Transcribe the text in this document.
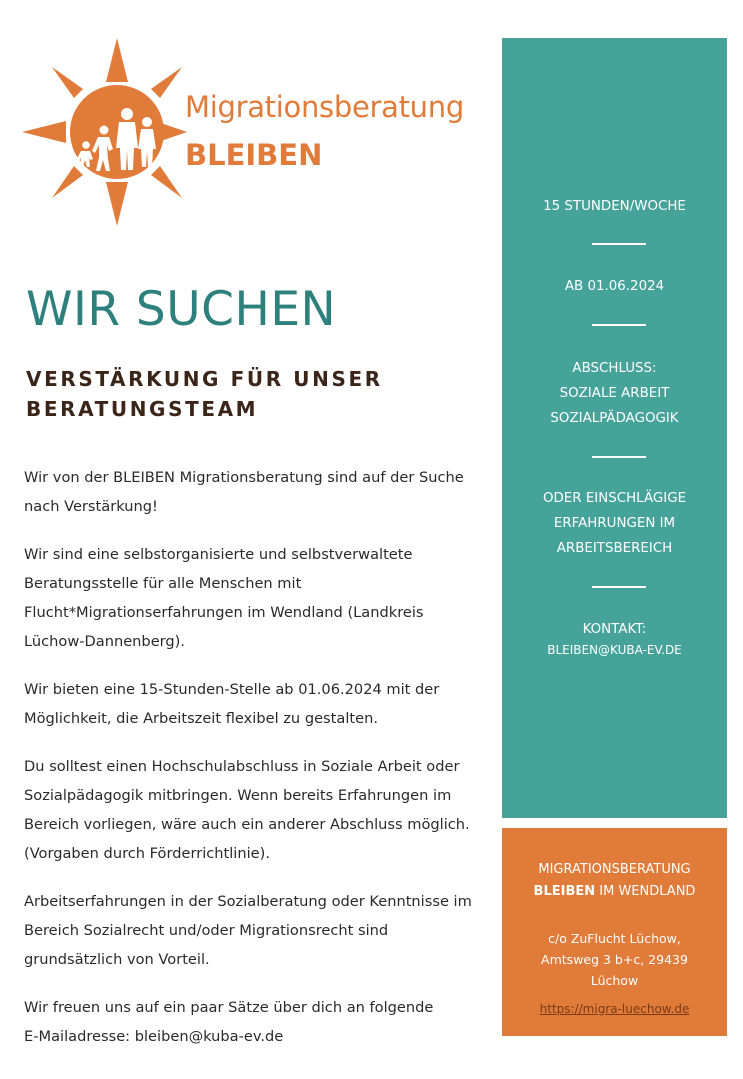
Migrationsberatung
BLEIBEN
WIR SUCHEN
VERSTÄRKUNG FÜR UNSER BERATUNGSTEAM

Wir von der BLEIBEN Migrationsberatung sind auf der Suche
nach Verstärkung!

Wir sind eine selbstorganisierte und selbstverwaltete
Beratungsstelle für alle Menschen mit
Flucht*Migrationserfahrungen im Wendland (Landkreis
Lüchow-Dannenberg).

Wir bieten eine 15-Stunden-Stelle ab 01.06.2024 mit der
Möglichkeit, die Arbeitszeit flexibel zu gestalten.

Du solltest einen Hochschulabschluss in Soziale Arbeit oder
Sozialpädagogik mitbringen. Wenn bereits Erfahrungen im
Bereich vorliegen, wäre auch ein anderer Abschluss möglich.
(Vorgaben durch Förderrichtlinie).

Arbeitserfahrungen in der Sozialberatung oder Kenntnisse im
Bereich Sozialrecht und/oder Migrationsrecht sind
grundsätzlich von Vorteil.

Wir freuen uns auf ein paar Sätze über dich an folgende
E-Mailadresse: bleiben@kuba-ev.de

15 STUNDEN/WOCHE
AB 01.06.2024
ABSCHLUSS:
SOZIALE ARBEIT
SOZIALPÄDAGOGIK
ODER EINSCHLÄGIGE
ERFAHRUNGEN IM
ARBEITSBEREICH
KONTAKT:
BLEIBEN@KUBA-EV.DE
MIGRATIONSBERATUNG
BLEIBEN IM WENDLAND
c/o ZuFlucht Lüchow,
Amtsweg 3 b+c, 29439
Lüchow
https://migra-luechow.de
